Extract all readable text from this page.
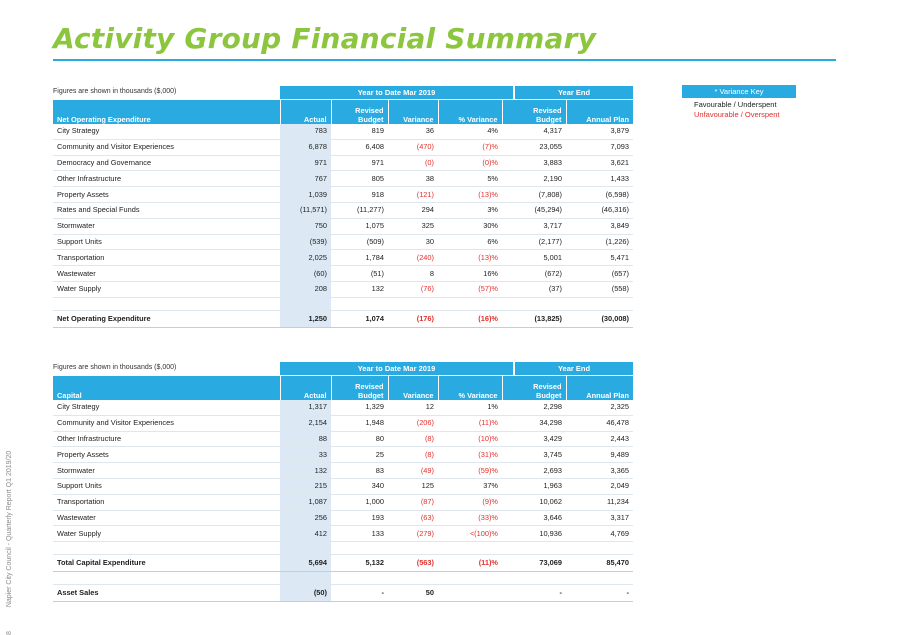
Activity Group Financial Summary
8 Napier City Council - Quarterly Report Q1 2019/20
Figures are shown in thousands ($,000)	Year to Date Mar 2019	Year End
Net Operating Expenditure	Actual	Revised Budget	Variance	% Variance	Revised Budget	Annual Plan
City Strategy	783	819	36	4%	4,317	3,879
Community and Visitor Experiences	6,878	6,408	(470)	(7)%	23,055	7,093
Democracy and Governance	971	971	(0)	(0)%	3,883	3,621
Other Infrastructure	767	805	38	5%	2,190	1,433
Property Assets	1,039	918	(121)	(13)%	(7,808)	(6,598)
Rates and Special Funds	(11,571)	(11,277)	294	3%	(45,294)	(46,316)
Stormwater	750	1,075	325	30%	3,717	3,849
Support Units	(539)	(509)	30	6%	(2,177)	(1,226)
Transportation	2,025	1,784	(240)	(13)%	5,001	5,471
Wastewater	(60)	(51)	8	16%	(672)	(657)
Water Supply	208	132	(76)	(57)%	(37)	(558)

Net Operating Expenditure	1,250	1,074	(176)	(16)%	(13,825)	(30,008)
Figures are shown in thousands ($,000)	Year to Date Mar 2019	Year End
Capital	Actual	Revised Budget	Variance	% Variance	Revised Budget	Annual Plan
City Strategy	1,317	1,329	12	1%	2,298	2,325
Community and Visitor Experiences	2,154	1,948	(206)	(11)%	34,298	46,478
Other Infrastructure	88	80	(8)	(10)%	3,429	2,443
Property Assets	33	25	(8)	(31)%	3,745	9,489
Stormwater	132	83	(49)	(59)%	2,693	3,365
Support Units	215	340	125	37%	1,963	2,049
Transportation	1,087	1,000	(87)	(9)%	10,062	11,234
Wastewater	256	193	(63)	(33)%	3,646	3,317
Water Supply	412	133	(279)	<(100)%	10,936	4,769

Total Capital Expenditure	5,694	5,132	(563)	(11)%	73,069	85,470

Asset Sales	(50)	-	50		-	-
* Variance Key
Favourable / Underspent
Unfavourable / Overspent
